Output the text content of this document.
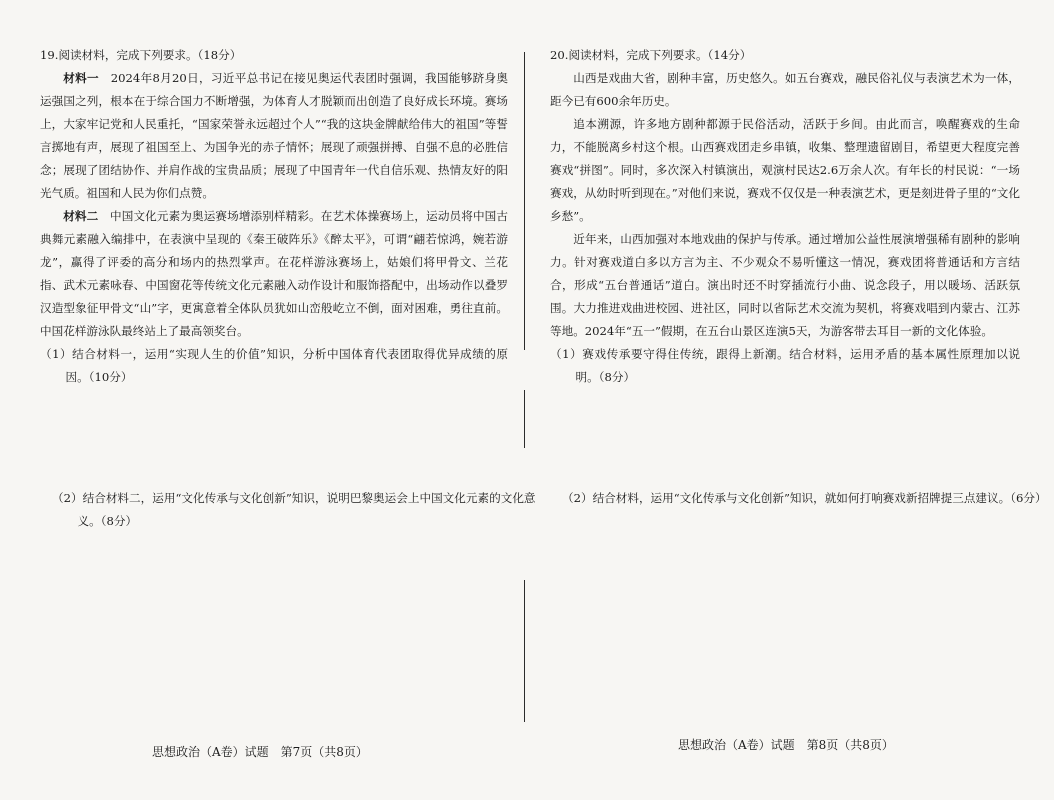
19.阅读材料，完成下列要求。（18分）

材料一　 2024年8月20日，习近平总书记在接见奥运代表团时强调，我国能够跻身奥运强国之列，根本在于综合国力不断增强，为体育人才脱颖而出创造了良好成长环境。赛场上，大家牢记党和人民重托，“国家荣誉永远超过个人”“我的这块金牌献给伟大的祖国”等誓言掷地有声，展现了祖国至上、为国争光的赤子情怀；展现了顽强拼搏、自强不息的必胜信念；展现了团结协作、并肩作战的宝贵品质；展现了中国青年一代自信乐观、热情友好的阳光气质。祖国和人民为你们点赞。

材料二　 中国文化元素为奥运赛场增添别样精彩。在艺术体操赛场上，运动员将中国古典舞元素融入编排中，在表演中呈现的《秦王破阵乐》《醉太平》，可谓“翩若惊鸿，婉若游龙”，赢得了评委的高分和场内的热烈掌声。在花样游泳赛场上，姑娘们将甲骨文、兰花指、武术元素咏春、中国窗花等传统文化元素融入动作设计和服饰搭配中，出场动作以叠罗汉造型象征甲骨文“山”字，更寓意着全体队员犹如山峦般屹立不倒，面对困难，勇往直前。中国花样游泳队最终站上了最高领奖台。

（1）结合材料一，运用“实现人生的价值”知识，分析中国体育代表团取得优异成绩的原因。（10分）

（2）结合材料二，运用“文化传承与文化创新”知识，说明巴黎奥运会上中国文化元素的文化意义。（8分）

20.阅读材料，完成下列要求。（14分）

山西是戏曲大省，剧种丰富，历史悠久。如五台赛戏，融民俗礼仪与表演艺术为一体，距今已有600余年历史。

追本溯源，许多地方剧种都源于民俗活动，活跃于乡间。由此而言，唤醒赛戏的生命力，不能脱离乡村这个根。山西赛戏团走乡串镇，收集、整理遗留剧目，希望更大程度完善赛戏“拼图”。同时，多次深入村镇演出，观演村民达2.6万余人次。有年长的村民说：“一场赛戏，从幼时听到现在。”对他们来说，赛戏不仅仅是一种表演艺术，更是刻进骨子里的“文化乡愁”。

近年来，山西加强对本地戏曲的保护与传承。通过增加公益性展演增强稀有剧种的影响力。针对赛戏道白多以方言为主、不少观众不易听懂这一情况，赛戏团将普通话和方言结合，形成“五台普通话”道白。演出时还不时穿插流行小曲、说念段子，用以暖场、活跃氛围。大力推进戏曲进校园、进社区，同时以省际艺术交流为契机，将赛戏唱到内蒙古、江苏等地。2024年“五一”假期，在五台山景区连演5天，为游客带去耳目一新的文化体验。

（1）赛戏传承要守得住传统，跟得上新潮。结合材料，运用矛盾的基本属性原理加以说明。（8分）

（2）结合材料，运用“文化传承与文化创新”知识，就如何打响赛戏新招牌提三点建议。（6分）

思想政治（A卷）试题　第7页（共8页）	思想政治（A卷）试题　第8页（共8页）
